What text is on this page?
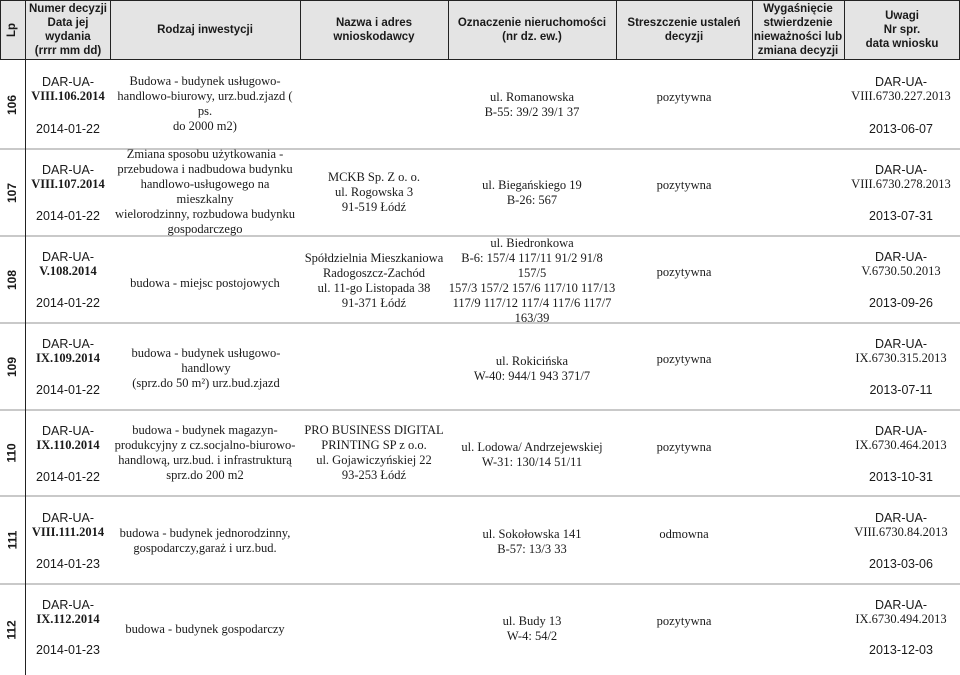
Lp
Numer decyzji
Data jej wydania
(rrrr mm dd)
Rodzaj inwestycji
Nazwa i adres wnioskodawcy
Oznaczenie nieruchomości
(nr dz. ew.)
Streszczenie ustaleń decyzji
Wygaśnięcie
stwierdzenie
nieważności lub
zmiana decyzji
Uwagi
Nr spr.
data wniosku
106
DAR-UA-
VIII.106.2014
2014-01-22
Budowa - budynek usługowo-
handlowo-biurowy, urz.bud.zjazd ( ps.
do 2000 m2)
ul. Romanowska
B-55: 39/2 39/1 37
pozytywna
DAR-UA-
VIII.6730.227.2013
2013-06-07
107
DAR-UA-
VIII.107.2014
2014-01-22
Zmiana sposobu użytkowania -
przebudowa i nadbudowa budynku
handlowo-usługowego na mieszkalny
wielorodzinny, rozbudowa budynku
gospodarczego
MCKB Sp. Z o. o.
ul. Rogowska 3
91-519 Łódź
ul. Biegańskiego 19
B-26: 567
pozytywna
DAR-UA-
VIII.6730.278.2013
2013-07-31
108
DAR-UA-
V.108.2014
2014-01-22
budowa - miejsc postojowych
Spółdzielnia Mieszkaniowa
Radogoszcz-Zachód
ul. 11-go Listopada 38
91-371 Łódź
ul. Biedronkowa
B-6: 157/4 117/11 91/2 91/8 157/5
157/3 157/2 157/6 117/10 117/13
117/9 117/12 117/4 117/6 117/7
163/39
pozytywna
DAR-UA-
V.6730.50.2013
2013-09-26
109
DAR-UA-
IX.109.2014
2014-01-22
budowa - budynek usługowo-handlowy
(sprz.do 50 m²) urz.bud.zjazd
ul. Rokicińska
W-40: 944/1 943 371/7
pozytywna
DAR-UA-
IX.6730.315.2013
2013-07-11
110
DAR-UA-
IX.110.2014
2014-01-22
budowa - budynek magazyn-
produkcyjny z cz.socjalno-biurowo-
handlową, urz.bud. i infrastrukturą
sprz.do 200 m2
PRO BUSINESS DIGITAL
PRINTING SP z o.o.
ul. Gojawiczyńskiej 22
93-253 Łódź
ul. Lodowa/ Andrzejewskiej
W-31: 130/14 51/11
pozytywna
DAR-UA-
IX.6730.464.2013
2013-10-31
111
DAR-UA-
VIII.111.2014
2014-01-23
budowa - budynek jednorodzinny,
gospodarczy,garaż i urz.bud.
ul. Sokołowska 141
B-57: 13/3 33
odmowna
DAR-UA-
VIII.6730.84.2013
2013-03-06
112
DAR-UA-
IX.112.2014
2014-01-23
budowa - budynek gospodarczy
ul. Budy 13
W-4: 54/2
pozytywna
DAR-UA-
IX.6730.494.2013
2013-12-03
